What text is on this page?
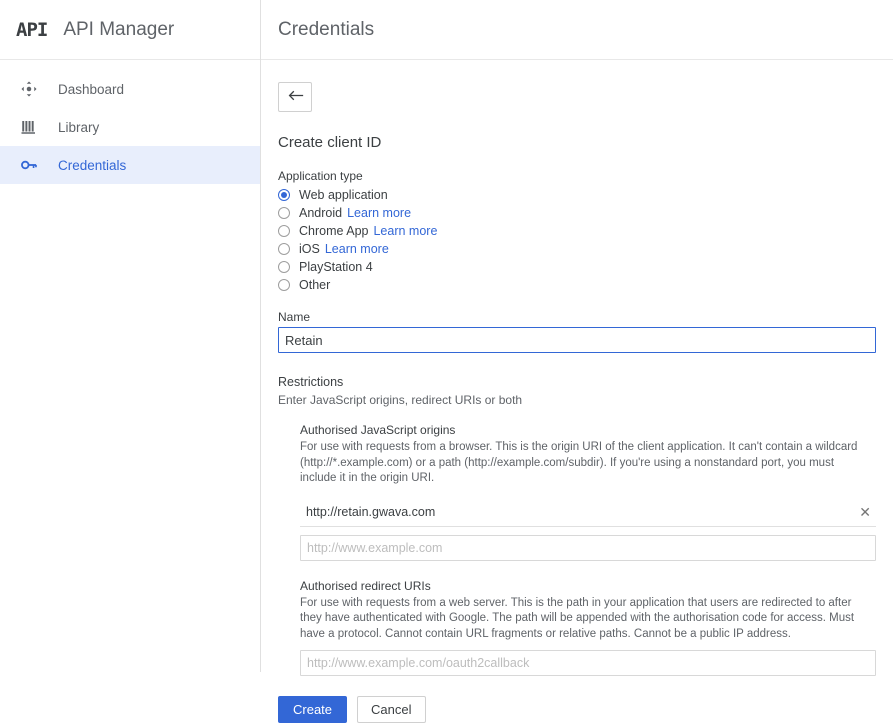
API API Manager
Dashboard
Library
Credentials
Credentials
Create client ID
Application type
Web application
Android Learn more
Chrome App Learn more
iOS Learn more
PlayStation 4
Other
Name
Retain
Restrictions
Enter JavaScript origins, redirect URIs or both
Authorised JavaScript origins
For use with requests from a browser. This is the origin URI of the client application. It can't contain a wildcard (http://*.example.com) or a path (http://example.com/subdir). If you're using a nonstandard port, you must include it in the origin URI.
http://retain.gwava.com	✕
http://www.example.com
Authorised redirect URIs
For use with requests from a web server. This is the path in your application that users are redirected to after they have authenticated with Google. The path will be appended with the authorisation code for access. Must have a protocol. Cannot contain URL fragments or relative paths. Cannot be a public IP address.
http://www.example.com/oauth2callback
Create	Cancel
